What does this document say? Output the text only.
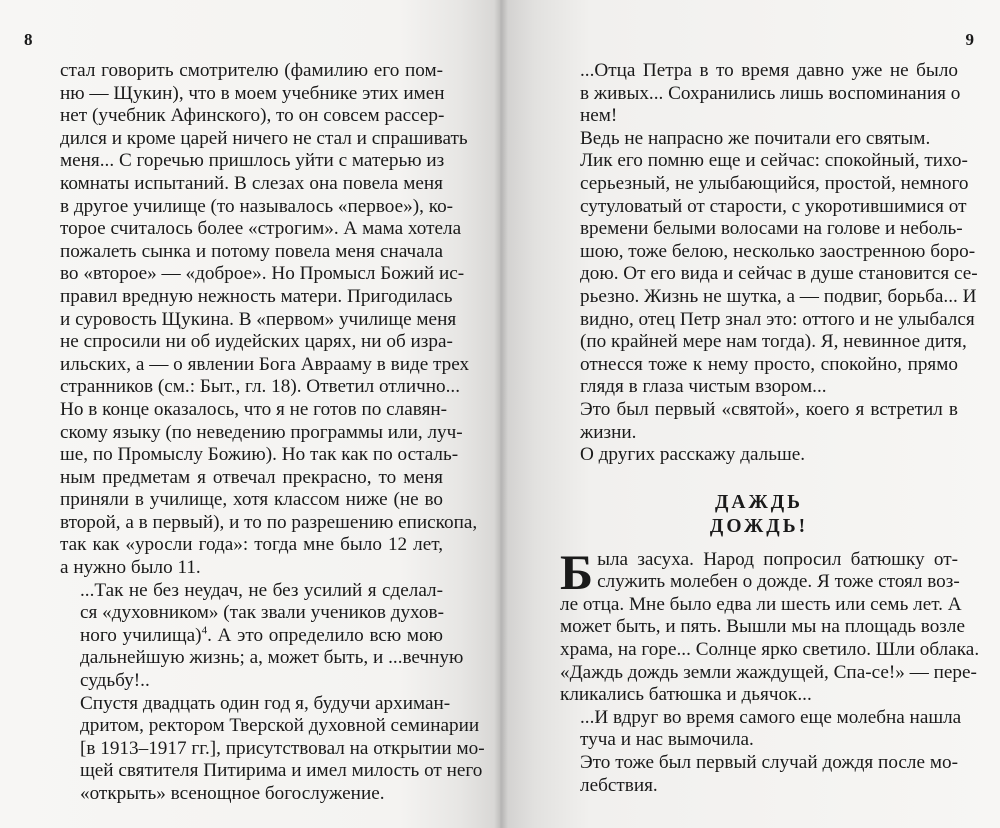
8

стал говорить смотрителю (фамилию его пом-
ню — Щукин), что в моем учебнике этих имен
нет (учебник Афинского), то он совсем рассер-
дился и кроме царей ничего не стал и спрашивать
меня... С горечью пришлось уйти с матерью из
комнаты испытаний. В слезах она повела меня
в другое училище (то называлось «первое»), ко-
торое считалось более «строгим». А мама хотела
пожалеть сынка и потому повела меня сначала
во «второе» — «доброе». Но Промысл Божий ис-
правил вредную нежность матери. Пригодилась
и суровость Щукина. В «первом» училище меня
не спросили ни об иудейских царях, ни об изра-
ильских, а — о явлении Бога Аврааму в виде трех
странников (см.: Быт., гл. 18). Ответил отлично...
Но в конце оказалось, что я не готов по славян-
скому языку (по неведению программы или, луч-
ше, по Промыслу Божию). Но так как по осталь-
ным предметам я отвечал прекрасно, то меня
приняли в училище, хотя классом ниже (не во
второй, а в первый), и то по разрешению епископа,
так как «уросли года»: тогда мне было 12 лет,
а нужно было 11.

...Так не без неудач, не без усилий я сделал-
ся «духовником» (так звали учеников духов-
ного училища)$^4$. А это определило всю мою
дальнейшую жизнь; а, может быть, и ...вечную
судьбу!..

Спустя двадцать один год я, будучи архиман-
дритом, ректором Тверской духовной семинарии
[в 1913–1917 гг.], присутствовал на открытии мо-
щей святителя Питирима и имел милость от него
«открыть» всенощное богослужение.

9

...Отца Петра в то время давно уже не было
в живых... Сохранились лишь воспоминания о
нем!

Ведь не напрасно же почитали его святым.

Лик его помню еще и сейчас: спокойный, тихо-
серьезный, не улыбающийся, простой, немного
сутуловатый от старости, с укоротившимися от
времени белыми волосами на голове и неболь-
шою, тоже белою, несколько заостренною боро-
дою. От его вида и сейчас в душе становится се-
рьезно. Жизнь не шутка, а — подвиг, борьба... И
видно, отец Петр знал это: оттого и не улыбался
(по крайней мере нам тогда). Я, невинное дитя,
отнесся тоже к нему просто, спокойно, прямо
глядя в глаза чистым взором...

Это был первый «святой», коего я встретил в
жизни.

О других расскажу дальше.

ДАЖДЬ
ДОЖДЬ!

Б ыла засуха. Народ попросил батюшку от-
служить молебен о дожде. Я тоже стоял воз-
ле отца. Мне было едва ли шесть или семь лет. А
может быть, и пять. Вышли мы на площадь возле
храма, на горе... Солнце ярко светило. Шли облака.
«Даждь дождь земли жаждущей, Спа-се!» — пере-
кликались батюшка и дьячок...

...И вдруг во время самого еще молебна нашла
туча и нас вымочила.

Это тоже был первый случай дождя после мо-
лебствия.
